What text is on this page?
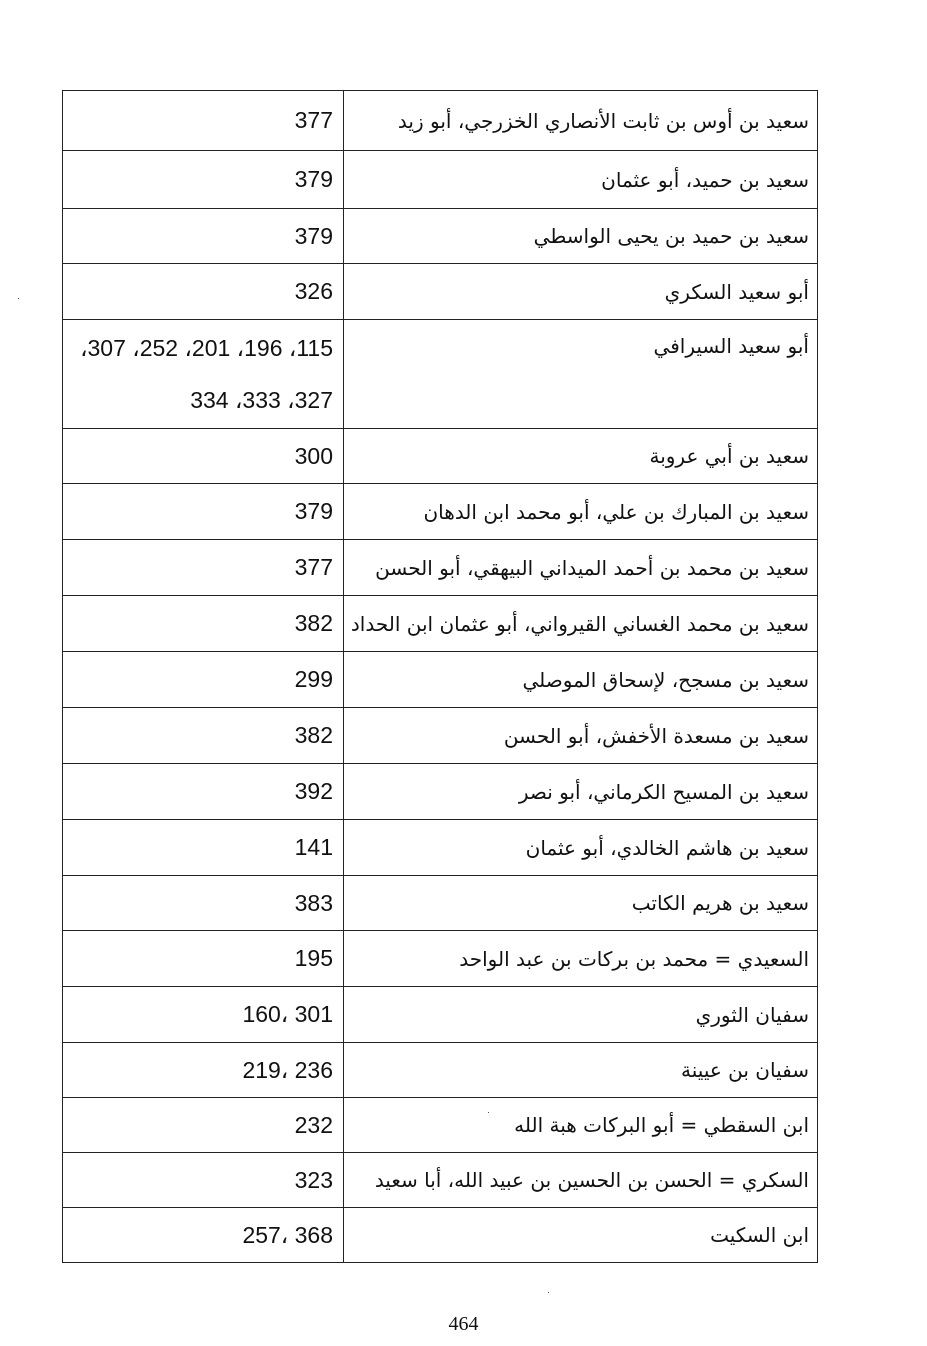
377	سعيد بن أوس بن ثابت الأنصاري الخزرجي، أبو زيد
379	سعيد بن حميد، أبو عثمان
379	سعيد بن حميد بن يحيى الواسطي
326	أبو سعيد السكري

115، 196، 201، 252، 307،
327، 333، 334	أبو سعيد السيرافي
300	سعيد بن أبي عروبة
379	سعيد بن المبارك بن علي، أبو محمد ابن الدهان
377	سعيد بن محمد بن أحمد الميداني البيهقي، أبو الحسن
382	سعيد بن محمد الغساني القيرواني، أبو عثمان ابن الحداد
299	سعيد بن مسجح، لإسحاق الموصلي
382	سعيد بن مسعدة الأخفش، أبو الحسن
392	سعيد بن المسيح الكرماني، أبو نصر
141	سعيد بن هاشم الخالدي، أبو عثمان
383	سعيد بن هريم الكاتب
195	السعيدي = محمد بن بركات بن عبد الواحد
160، 301	سفيان الثوري
219، 236	سفيان بن عيينة
232	ابن السقطي = أبو البركات هبة الله
323	السكري = الحسن بن الحسين بن عبيد الله، أبا سعيد
257، 368	ابن السكيت
464
